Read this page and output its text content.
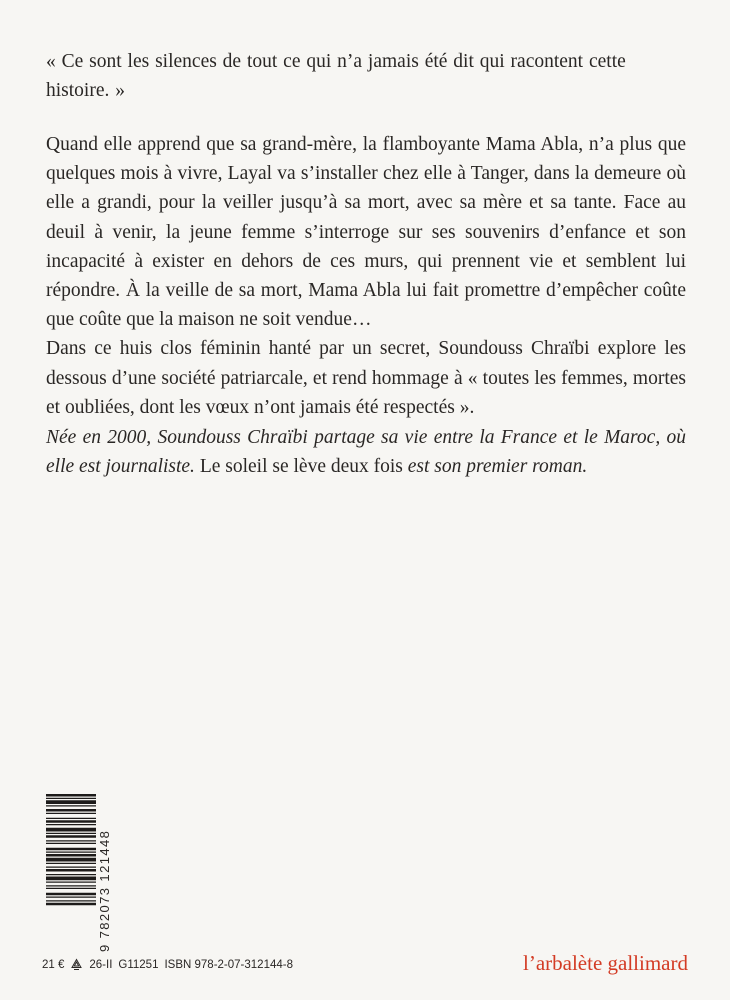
« Ce sont les silences de tout ce qui n’a jamais été dit qui racontent cette histoire. »

Quand elle apprend que sa grand-mère, la flamboyante Mama Abla, n’a plus que quelques mois à vivre, Layal va s’installer chez elle à Tanger, dans la demeure où elle a grandi, pour la veiller jusqu’à sa mort, avec sa mère et sa tante. Face au deuil à venir, la jeune femme s’interroge sur ses souvenirs d’enfance et son incapacité à exister en dehors de ces murs, qui prennent vie et semblent lui répondre. À la veille de sa mort, Mama Abla lui fait promettre d’empêcher coûte que coûte que la maison ne soit vendue…

Dans ce huis clos féminin hanté par un secret, Soundouss Chraïbi explore les dessous d’une société patriarcale, et rend hommage à « toutes les femmes, mortes et oubliées, dont les vœux n’ont jamais été respectés ».

Née en 2000, Soundouss Chraïbi partage sa vie entre la France et le Maroc, où elle est journaliste. Le soleil se lève deux fois est son premier roman.

9 782073 121448
21 € 26-II G11251 ISBN 978-2-07-312144-8	l’arbalète gallimard
